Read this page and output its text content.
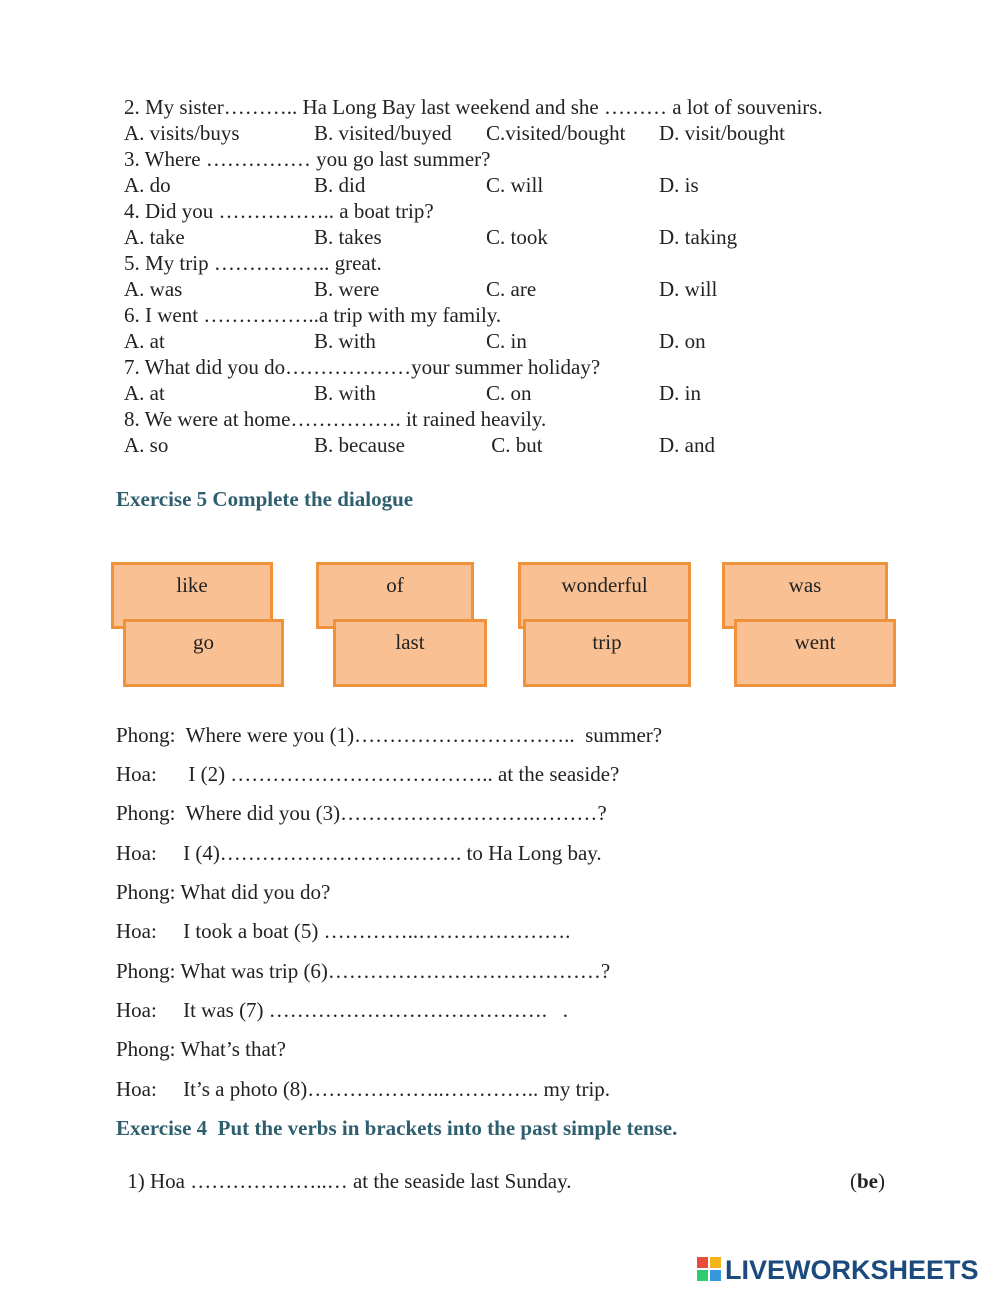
2. My sister……….. Ha Long Bay last weekend and she ……… a lot of souvenirs.
A. visits/buys	B. visited/buyed C.visited/bought D. visit/bought
3. Where …………… you go last summer?
A. do	B. did	C. will	D. is
4. Did you …………….. a boat trip?
A. take	B. takes	C. took	D. taking
5. My trip …………….. great.
A. was	B. were	C. are	D. will
6. I went ……………..a trip with my family.
A. at	B. with	C. in	D. on
7. What did you do………………your summer holiday?
A. at	B. with	C. on	D. in
8. We were at home……………. it rained heavily.
A. so	B. because	C. but	D. and
Exercise 5 Complete the dialogue
like	of	wonderful	was
go	last	trip	went
Phong: Where were you (1)…………………………..  summer?
Hoa: I (2) ……………………………….. at the seaside?
Phong: Where did you (3)……………………….………?
Hoa: I (4)……………………….……. to Ha Long bay.
Phong: What did you do?
Hoa: I took a boat (5) …………..………………….
Phong: What was trip (6)…………………………………?
Hoa: It was (7) ………………………………….   .
Phong: What’s that?
Hoa: It’s a photo (8)………………..………….. my trip.
Exercise 4  Put the verbs in brackets into the past simple tense.
1) Hoa ………………..… at the seaside last Sunday.	(be)
LIVEWORKSHEETS
